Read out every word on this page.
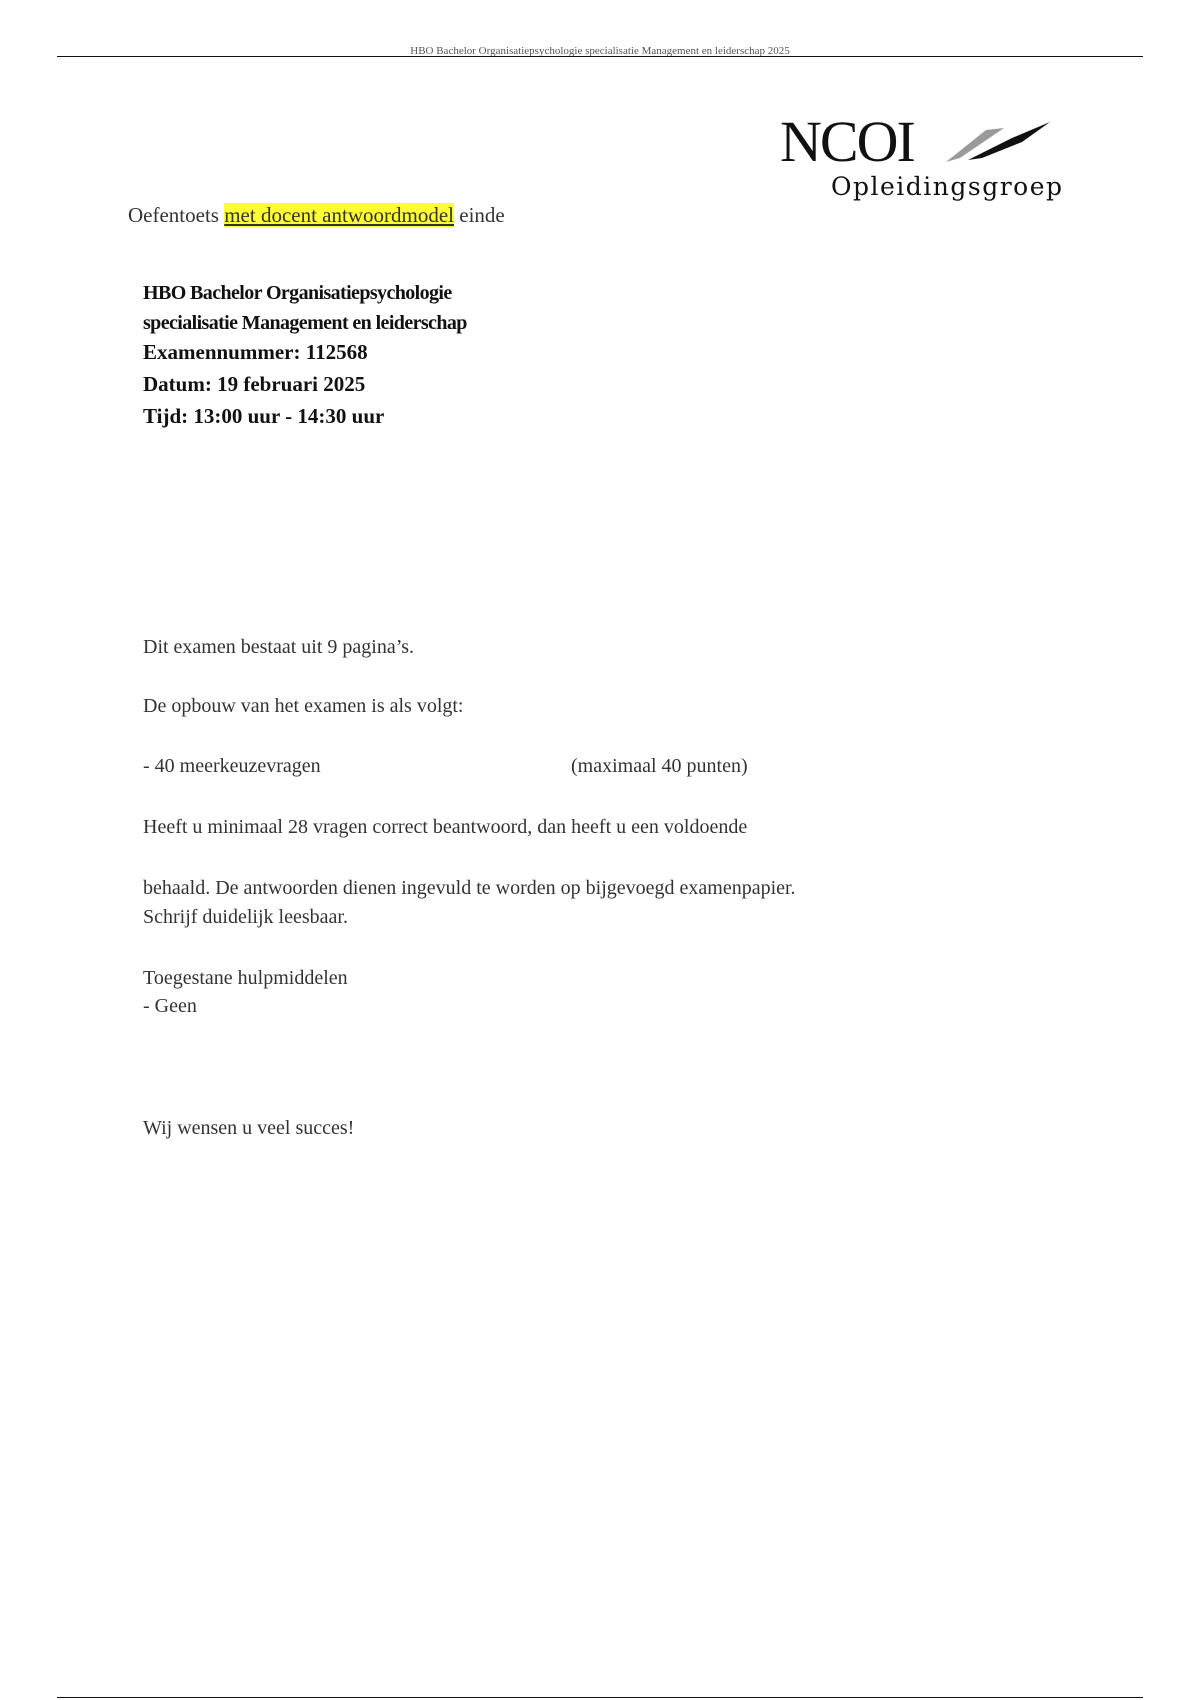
HBO Bachelor Organisatiepsychologie specialisatie Management en leiderschap 2025
NCOI
Opleidingsgroep
Oefentoets met docent antwoordmodel einde
HBO Bachelor Organisatiepsychologie
specialisatie Management en leiderschap
Examennummer: 112568
Datum: 19 februari 2025
Tijd: 13:00 uur - 14:30 uur
Dit examen bestaat uit 9 pagina’s.
De opbouw van het examen is als volgt:
- 40 meerkeuzevragen	(maximaal 40 punten)
Heeft u minimaal 28 vragen correct beantwoord, dan heeft u een voldoende
behaald. De antwoorden dienen ingevuld te worden op bijgevoegd examenpapier.
Schrijf duidelijk leesbaar.
Toegestane hulpmiddelen
- Geen
Wij wensen u veel succes!
